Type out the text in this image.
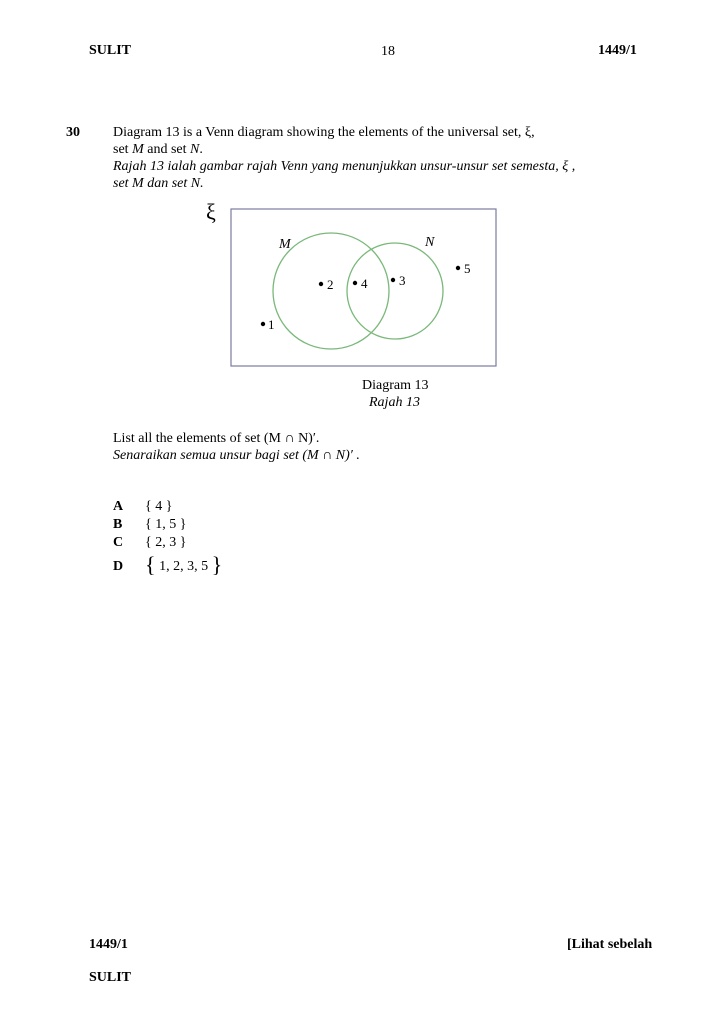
SULIT	18	1449/1
30 Diagram 13 is a Venn diagram showing the elements of the universal set, ξ,
set M and set N.
Rajah 13 ialah gambar rajah Venn yang menunjukkan unsur-unsur set semesta, ξ ,
set M dan set N.
ξ
M	N
1
2 4 3
5
Diagram 13
Rajah 13
List all the elements of set (M ∩ N)′.
Senaraikan semua unsur bagi set (M ∩ N)′ .
A { 4 }
B { 1, 5 }
C { 2, 3 }
D { 1, 2, 3, 5 }
1449/1	[Lihat sebelah
SULIT
